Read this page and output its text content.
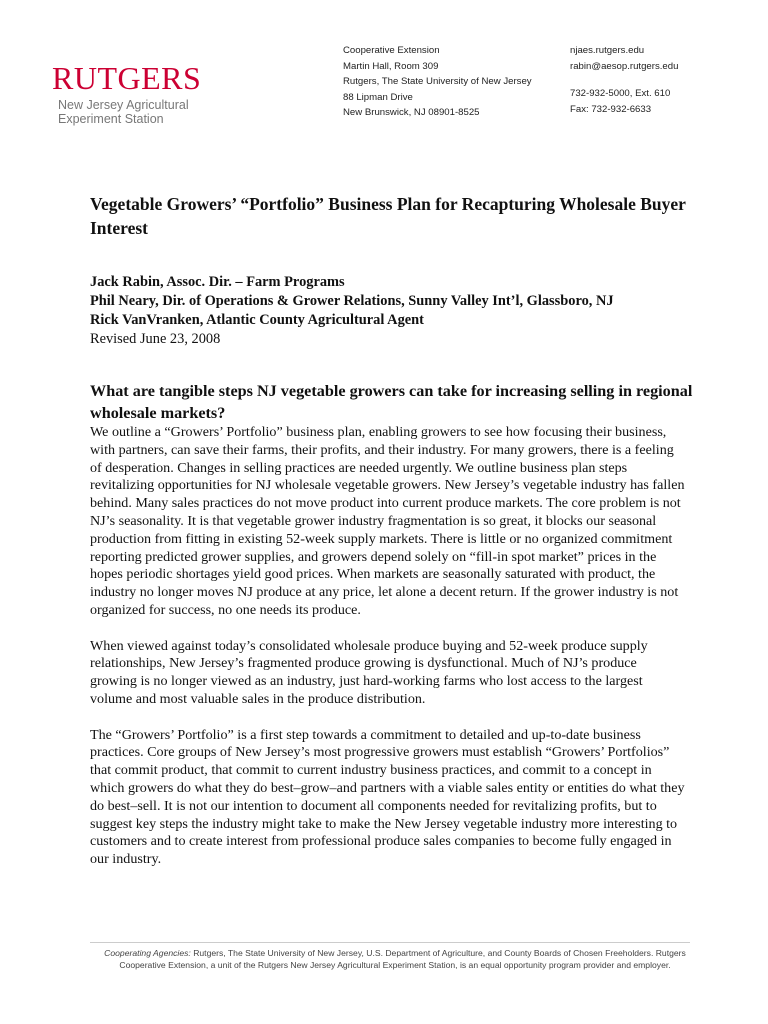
RUTGERS
New Jersey Agricultural
Experiment Station
Cooperative Extension
Martin Hall, Room 309
Rutgers, The State University of New Jersey
88 Lipman Drive
New Brunswick, NJ 08901-8525
njaes.rutgers.edu
rabin@aesop.rutgers.edu
732-932-5000, Ext. 610
Fax: 732-932-6633
Vegetable Growers’ “Portfolio” Business Plan for Recapturing Wholesale Buyer Interest
Jack Rabin, Assoc. Dir. – Farm Programs
Phil Neary, Dir. of Operations & Grower Relations, Sunny Valley Int’l, Glassboro, NJ
Rick VanVranken, Atlantic County Agricultural Agent
Revised June 23, 2008
What are tangible steps NJ vegetable growers can take for increasing selling in regional wholesale markets?

We outline a “Growers’ Portfolio” business plan, enabling growers to see how focusing their business, with partners, can save their farms, their profits, and their industry. For many growers, there is a feeling of desperation. Changes in selling practices are needed urgently. We outline business plan steps revitalizing opportunities for NJ wholesale vegetable growers. New Jersey’s vegetable industry has fallen behind. Many sales practices do not move product into current produce markets. The core problem is not NJ’s seasonality. It is that vegetable grower industry fragmentation is so great, it blocks our seasonal production from fitting in existing 52-week supply markets. There is little or no organized commitment reporting predicted grower supplies, and growers depend solely on “fill-in spot market” prices in the hopes periodic shortages yield good prices. When markets are seasonally saturated with product, the industry no longer moves NJ produce at any price, let alone a decent return. If the grower industry is not organized for success, no one needs its produce.

When viewed against today’s consolidated wholesale produce buying and 52-week produce supply relationships, New Jersey’s fragmented produce growing is dysfunctional. Much of NJ’s produce growing is no longer viewed as an industry, just hard-working farms who lost access to the largest volume and most valuable sales in the produce distribution.

The “Growers’ Portfolio” is a first step towards a commitment to detailed and up-to-date business practices. Core groups of New Jersey’s most progressive growers must establish “Growers’ Portfolios” that commit product, that commit to current industry business practices, and commit to a concept in which growers do what they do best–grow–and partners with a viable sales entity or entities do what they do best–sell. It is not our intention to document all components needed for revitalizing profits, but to suggest key steps the industry might take to make the New Jersey vegetable industry more interesting to customers and to create interest from professional produce sales companies to become fully engaged in our industry.

Cooperating Agencies: Rutgers, The State University of New Jersey, U.S. Department of Agriculture, and County Boards of Chosen Freeholders. Rutgers Cooperative Extension, a unit of the Rutgers New Jersey Agricultural Experiment Station, is an equal opportunity program provider and employer.
